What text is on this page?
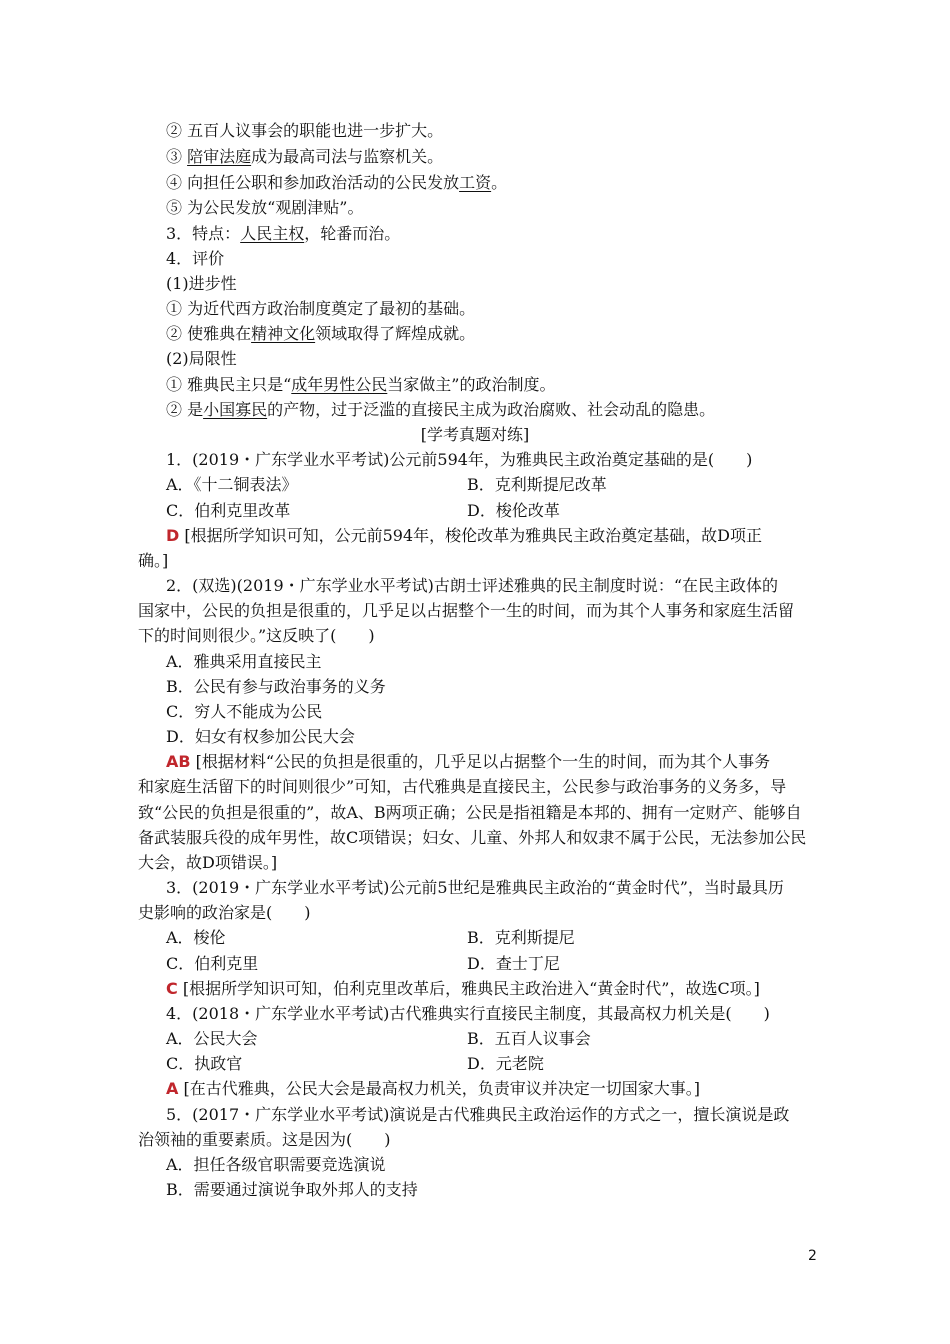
② 五百人议事会的职能也进一步扩大。
③ 陪审法庭成为最高司法与监察机关。
④ 向担任公职和参加政治活动的公民发放工资。
⑤ 为公民发放“观剧津贴”。
3．特点：人民主权，轮番而治。
4．评价
(1)进步性
① 为近代西方政治制度奠定了最初的基础。
② 使雅典在精神文化领域取得了辉煌成就。
(2)局限性
① 雅典民主只是“成年男性公民当家做主”的政治制度。
② 是小国寡民的产物，过于泛滥的直接民主成为政治腐败、社会动乱的隐患。
[学考真题对练]
1．(2019・广东学业水平考试)公元前594年，为雅典民主政治奠定基础的是(　　)
A．《十二铜表法》	B．克利斯提尼改革
C．伯利克里改革	D．梭伦改革
D [根据所学知识可知，公元前594年，梭伦改革为雅典民主政治奠定基础，故D项正
确。]
2．(双选)(2019・广东学业水平考试)古朗士评述雅典的民主制度时说：“在民主政体的
国家中，公民的负担是很重的，几乎足以占据整个一生的时间，而为其个人事务和家庭生活留
下的时间则很少。”这反映了(　　)
A．雅典采用直接民主
B．公民有参与政治事务的义务
C．穷人不能成为公民
D．妇女有权参加公民大会
AB [根据材料“公民的负担是很重的，几乎足以占据整个一生的时间，而为其个人事务
和家庭生活留下的时间则很少”可知，古代雅典是直接民主，公民参与政治事务的义务多，导
致“公民的负担是很重的”，故A、B两项正确；公民是指祖籍是本邦的、拥有一定财产、能够自
备武装服兵役的成年男性，故C项错误；妇女、儿童、外邦人和奴隶不属于公民，无法参加公民
大会，故D项错误。]
3．(2019・广东学业水平考试)公元前5世纪是雅典民主政治的“黄金时代”，当时最具历
史影响的政治家是(　　)
A．梭伦	B．克利斯提尼
C．伯利克里	D．查士丁尼
C [根据所学知识可知，伯利克里改革后，雅典民主政治进入“黄金时代”，故选C项。]
4．(2018・广东学业水平考试)古代雅典实行直接民主制度，其最高权力机关是(　　)
A．公民大会	B．五百人议事会
C．执政官	D．元老院
A [在古代雅典，公民大会是最高权力机关，负责审议并决定一切国家大事。]
5．(2017・广东学业水平考试)演说是古代雅典民主政治运作的方式之一，擅长演说是政
治领袖的重要素质。这是因为(　　)
A．担任各级官职需要竞选演说
B．需要通过演说争取外邦人的支持
2
